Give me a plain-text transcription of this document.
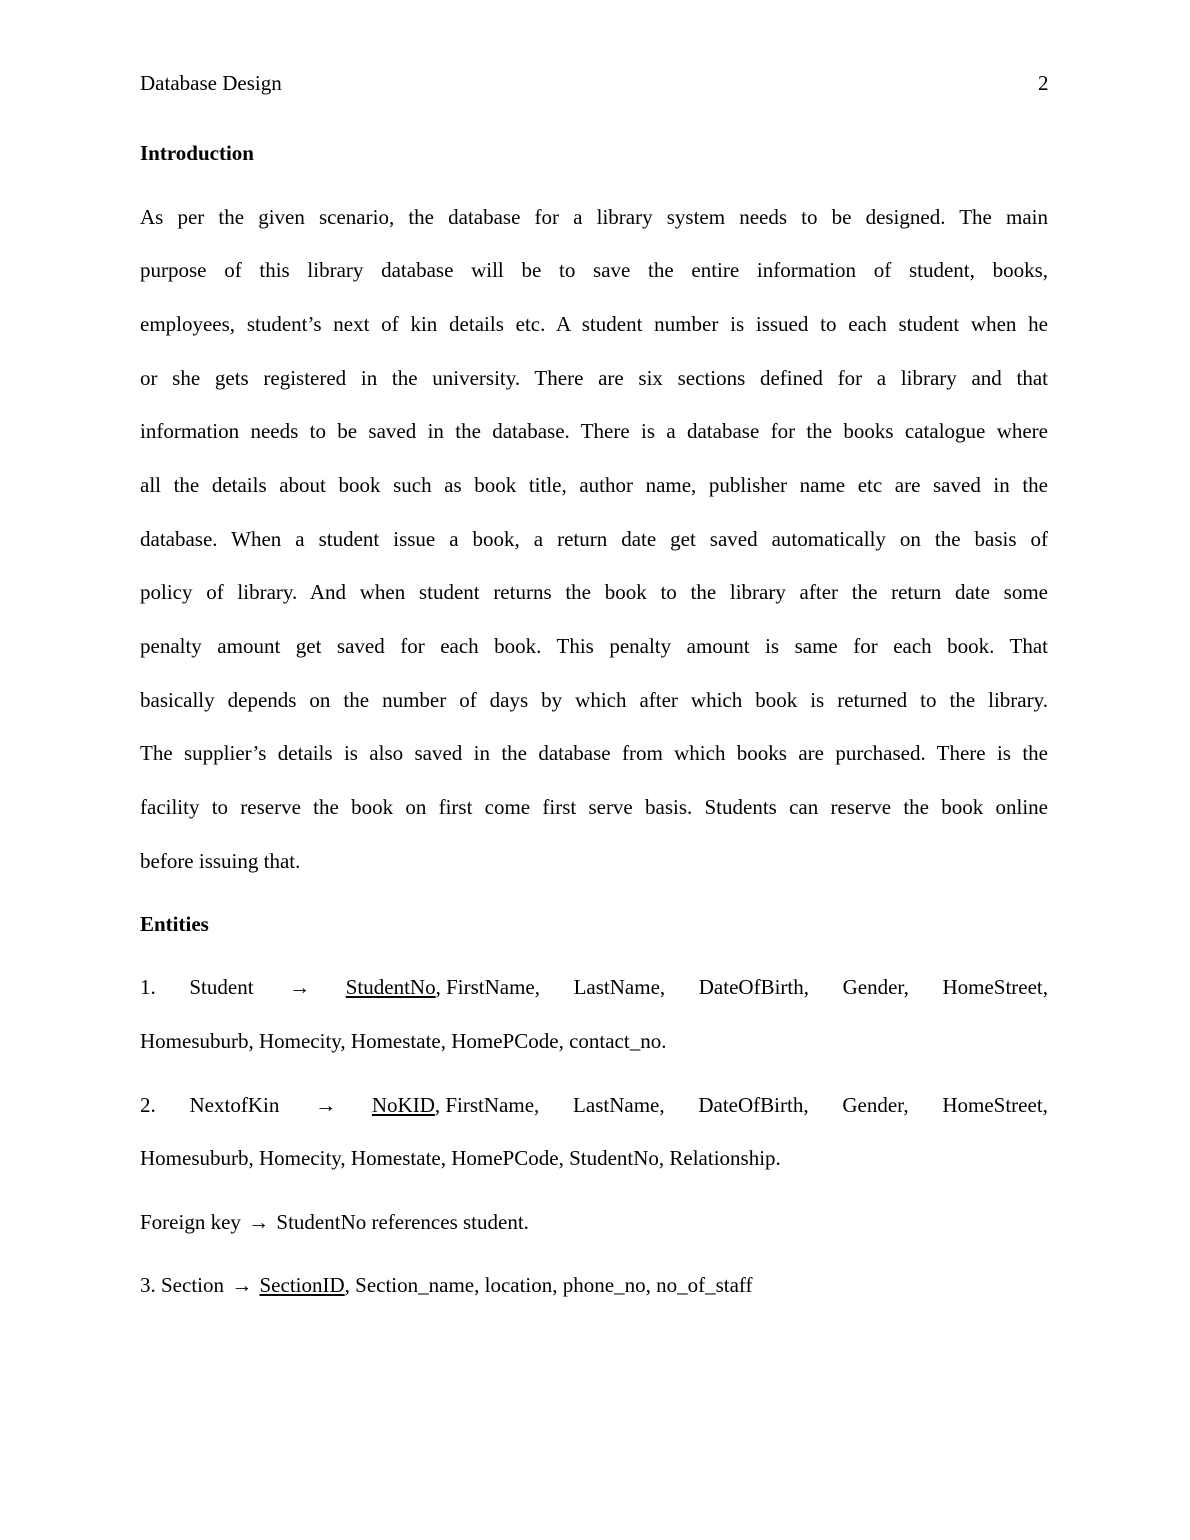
Database Design	2
Introduction
As per the given scenario, the database for a library system needs to be designed. The main
purpose of this library database will be to save the entire information of student, books,
employees, student’s next of kin details etc. A student number is issued to each student when he
or she gets registered in the university. There are six sections defined for a library and that
information needs to be saved in the database. There is a database for the books catalogue where
all the details about book such as book title, author name, publisher name etc are saved in the
database. When a student issue a book, a return date get saved automatically on the basis of
policy of library. And when student returns the book to the library after the return date some
penalty amount get saved for each book. This penalty amount is same for each book. That
basically depends on the number of days by which after which book is returned to the library.
The supplier’s details is also saved in the database from which books are purchased. There is the
facility to reserve the book on first come first serve basis. Students can reserve the book online
before issuing that.
Entities
1. Student → StudentNo, FirstName, LastName, DateOfBirth, Gender, HomeStreet,
Homesuburb, Homecity, Homestate, HomePCode, contact_no.
2. NextofKin → NoKID, FirstName, LastName, DateOfBirth, Gender, HomeStreet,
Homesuburb, Homecity, Homestate, HomePCode, StudentNo, Relationship.
Foreign key → StudentNo references student.
3. Section → SectionID, Section_name, location, phone_no, no_of_staff
